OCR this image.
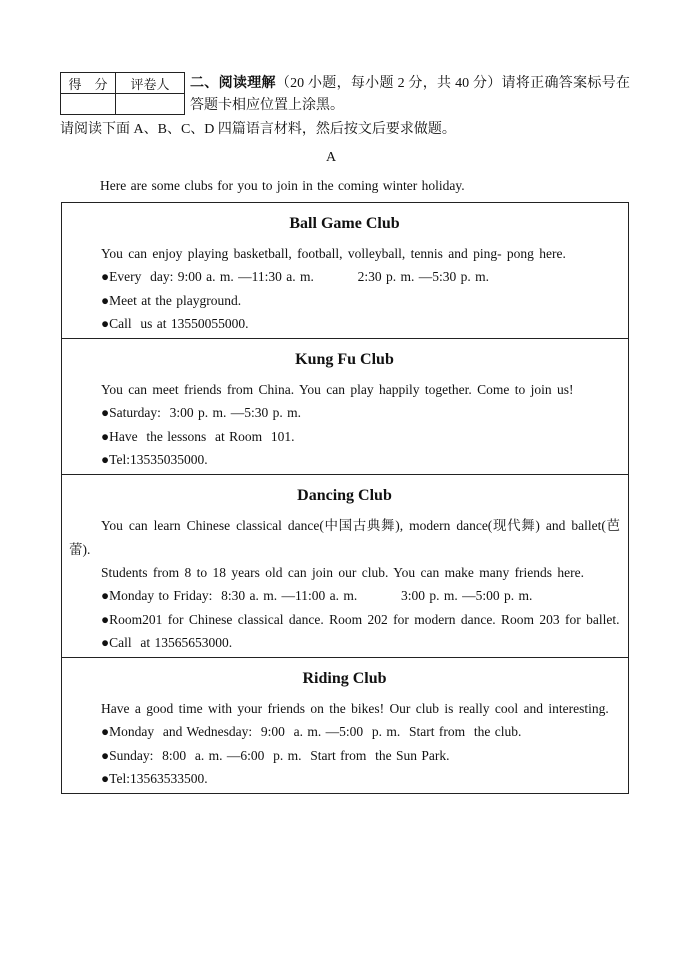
得　分	评卷人
	二、阅读理解（20 小题，每小题 2 分，共 40 分）请将正确答案标号在答题卡相应位置上涂黑。
请阅读下面 A、B、C、D 四篇语言材料，然后按文后要求做题。
A
Here are some clubs for you to join in the coming winter holiday.
Ball Game Club
You can enjoy playing basketball, football, volleyball, tennis and ping- pong here.
●Every  day: 9:00 a. m. —11:30 a. m.          2:30 p. m. —5:30 p. m.
●Meet at the playground.
●Call  us at 13550055000.
Kung Fu Club
You can meet friends from China. You can play happily together. Come to join us!
●Saturday:  3:00 p. m. —5:30 p. m.
●Have  the lessons  at Room  101.
●Tel:13535035000.
Dancing Club
You can learn Chinese classical dance(中国古典舞), modern dance(现代舞) and ballet(芭蕾).
Students from 8 to 18 years old can join our club. You can make many friends here.
●Monday to Friday:  8:30 a. m. —11:00 a. m.          3:00 p. m. —5:00 p. m.
●Room201 for Chinese classical dance. Room 202 for modern dance. Room 203 for ballet.
●Call  at 13565653000.
Riding Club
Have a good time with your friends on the bikes! Our club is really cool and interesting.
●Monday  and Wednesday:  9:00  a. m. —5:00  p. m.  Start from  the club.
●Sunday:  8:00  a. m. —6:00  p. m.  Start from  the Sun Park.
●Tel:13563533500.
